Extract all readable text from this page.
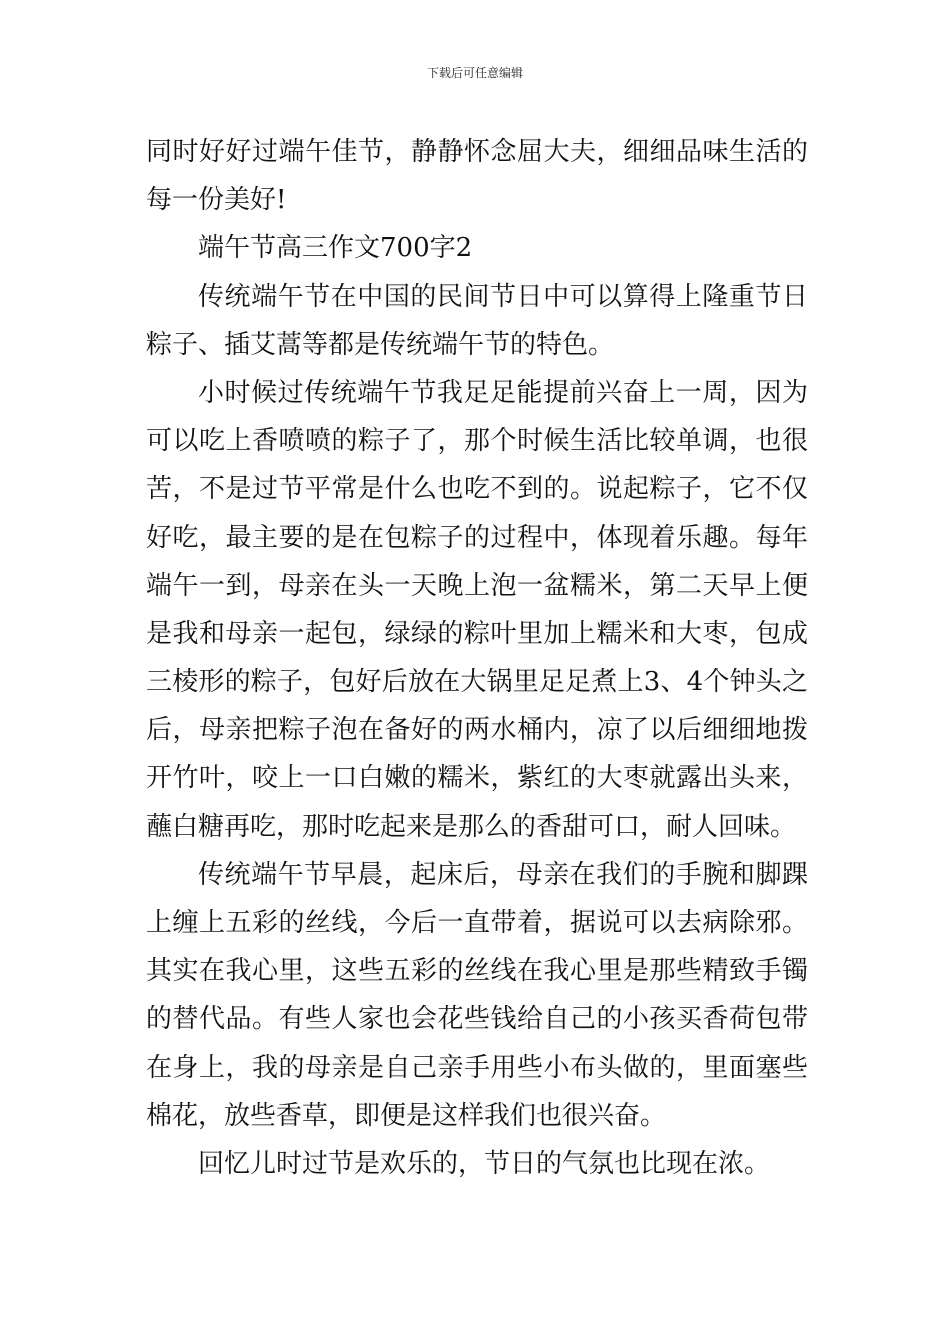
下载后可任意编辑
同时好好过端午佳节，静静怀念屈大夫，细细品味生活的
每一份美好!
端午节高三作文700字2
传统端午节在中国的民间节日中可以算得上隆重节日
粽子、插艾蒿等都是传统端午节的特色。
小时候过传统端午节我足足能提前兴奋上一周，因为
可以吃上香喷喷的粽子了，那个时候生活比较单调，也很
苦，不是过节平常是什么也吃不到的。说起粽子，它不仅
好吃，最主要的是在包粽子的过程中，体现着乐趣。每年
端午一到，母亲在头一天晚上泡一盆糯米，第二天早上便
是我和母亲一起包，绿绿的粽叶里加上糯米和大枣，包成
三棱形的粽子，包好后放在大锅里足足煮上3、4个钟头之
后，母亲把粽子泡在备好的两水桶内，凉了以后细细地拨
开竹叶，咬上一口白嫩的糯米，紫红的大枣就露出头来，
蘸白糖再吃，那时吃起来是那么的香甜可口，耐人回味。
传统端午节早晨，起床后，母亲在我们的手腕和脚踝
上缠上五彩的丝线，今后一直带着，据说可以去病除邪。
其实在我心里，这些五彩的丝线在我心里是那些精致手镯
的替代品。有些人家也会花些钱给自己的小孩买香荷包带
在身上，我的母亲是自己亲手用些小布头做的，里面塞些
棉花，放些香草，即便是这样我们也很兴奋。
回忆儿时过节是欢乐的，节日的气氛也比现在浓。
